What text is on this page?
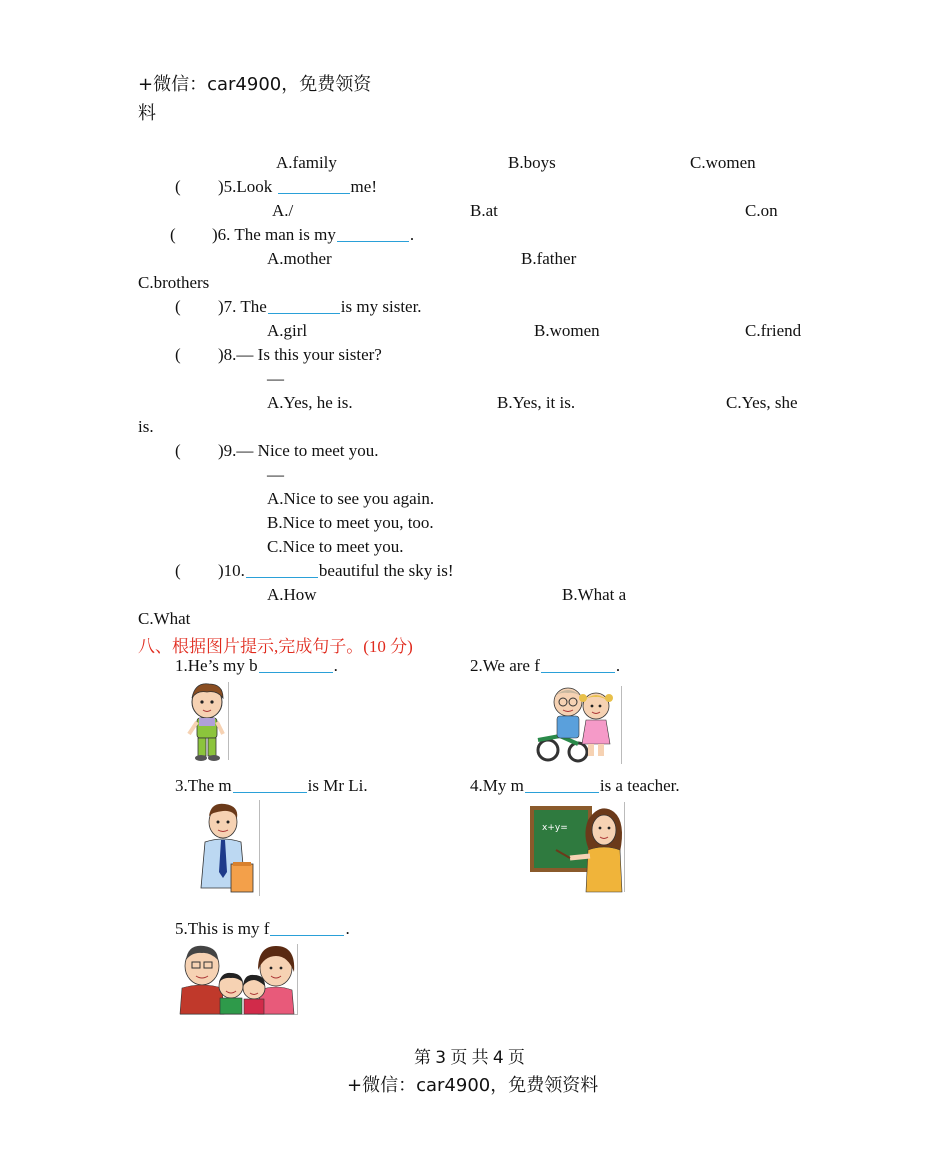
+微信：car4900，免费领资
料
A.family	B.boys	C.women
( )5.Look	me!
A./	B.at	C.on
( )6. The man is my	.
A.mother	B.father
C.brothers
( )7. The	is my sister.
A.girl	B.women	C.friend
( )8.— Is this your sister?
—
A.Yes, he is.	B.Yes, it is.	C.Yes, she
is.
( )9.— Nice to meet you.
—
A.Nice to see you again.
B.Nice to meet you, too.
C.Nice to meet you.
( )10.	beautiful the sky is!
A.How	B.What a
C.What
八、根据图片提示,完成句子。(10 分)
1.He’s my b	.	2.We are f	.
3.The m	is Mr Li.	4.My m	is a teacher.
x+y=
5.This is my f	.
第 3 页 共 4 页
+微信：car4900，免费领资料
